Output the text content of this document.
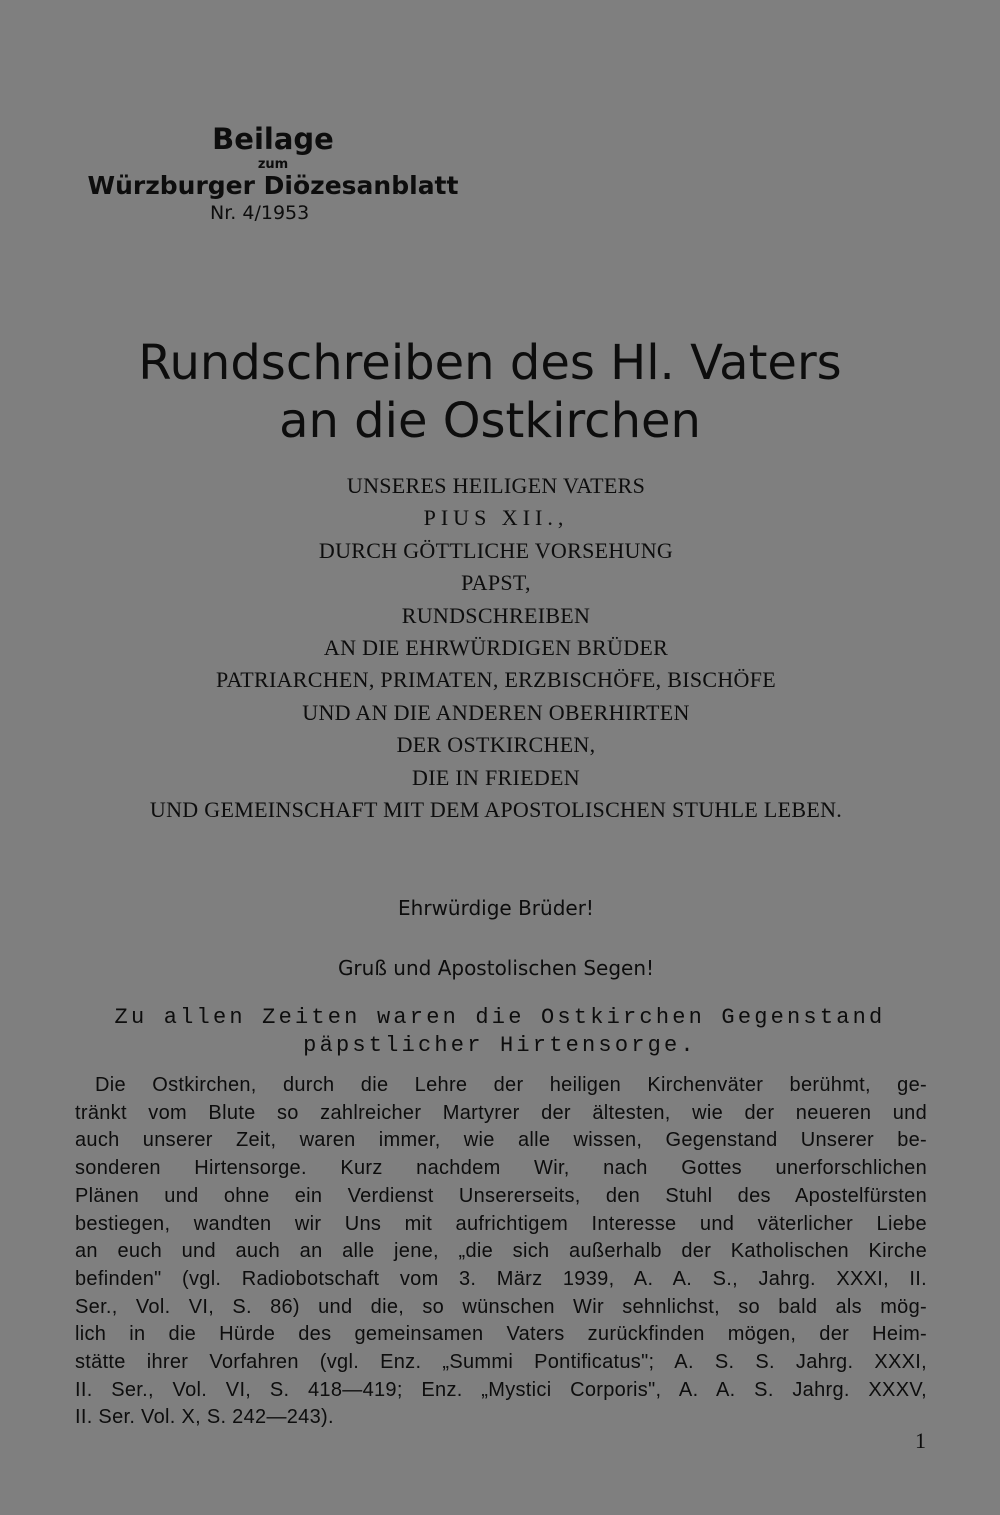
Beilage
zum
Würzburger Diözesanblatt
Nr. 4/1953
Rundschreiben des Hl. Vaters
an die Ostkirchen
UNSERES HEILIGEN VATERS
PIUS XII.,
DURCH GÖTTLICHE VORSEHUNG
PAPST,
RUNDSCHREIBEN
AN DIE EHRWÜRDIGEN BRÜDER
PATRIARCHEN, PRIMATEN, ERZBISCHÖFE, BISCHÖFE
UND AN DIE ANDEREN OBERHIRTEN
DER OSTKIRCHEN,
DIE IN FRIEDEN
UND GEMEINSCHAFT MIT DEM APOSTOLISCHEN STUHLE LEBEN.
Ehrwürdige Brüder!
Gruß und Apostolischen Segen!
Zu allen Zeiten waren die Ostkirchen Gegenstand
päpstlicher Hirtensorge.
Die Ostkirchen, durch die Lehre der heiligen Kirchenväter berühmt, ge-
tränkt vom Blute so zahlreicher Martyrer der ältesten, wie der neueren und
auch unserer Zeit, waren immer, wie alle wissen, Gegenstand Unserer be-
sonderen Hirtensorge. Kurz nachdem Wir, nach Gottes unerforschlichen
Plänen und ohne ein Verdienst Unsererseits, den Stuhl des Apostelfürsten
bestiegen, wandten wir Uns mit aufrichtigem Interesse und väterlicher Liebe
an euch und auch an alle jene, „die sich außerhalb der Katholischen Kirche
befinden" (vgl. Radiobotschaft vom 3. März 1939, A. A. S., Jahrg. XXXI, II.
Ser., Vol. VI, S. 86) und die, so wünschen Wir sehnlichst, so bald als mög-
lich in die Hürde des gemeinsamen Vaters zurückfinden mögen, der Heim-
stätte ihrer Vorfahren (vgl. Enz. „Summi Pontificatus"; A. S. S. Jahrg. XXXI,
II. Ser., Vol. VI, S. 418—419; Enz. „Mystici Corporis", A. A. S. Jahrg. XXXV,
II. Ser. Vol. X, S. 242—243).
1
